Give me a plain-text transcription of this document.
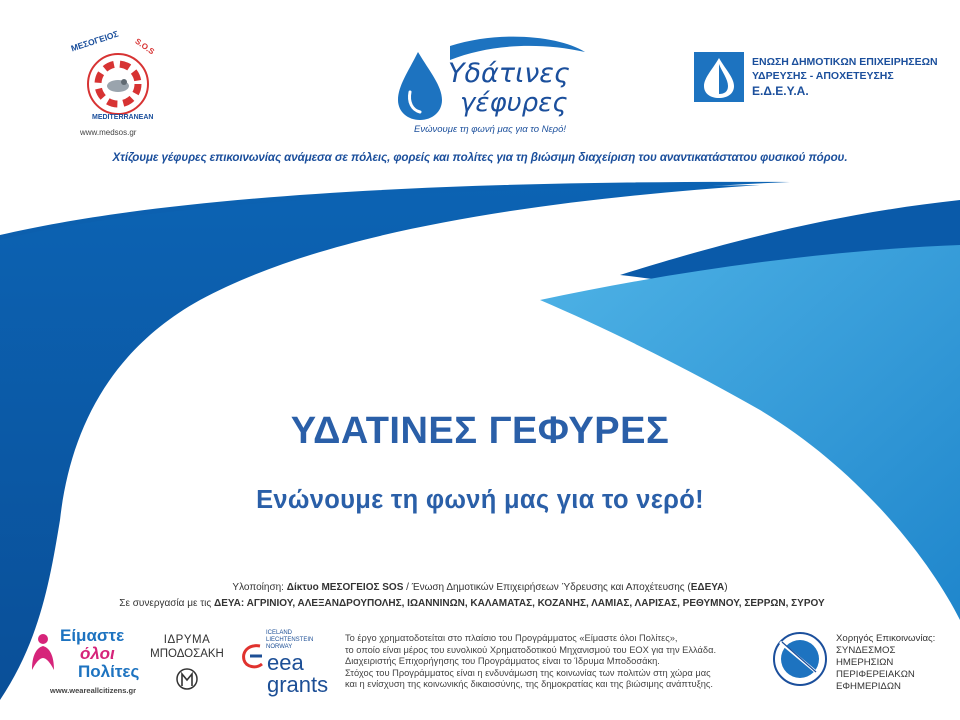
ΜΕΣΟΓΕΙΟΣ S.O.S
MEDITERRANEAN
www.medsos.gr
Υδάτινες
γέφυρες
Ενώνουμε τη φωνή μας για το Νερό!
ΕΝΩΣΗ ΔΗΜΟΤΙΚΩΝ ΕΠΙΧΕΙΡΗΣΕΩΝ
ΥΔΡΕΥΣΗΣ - ΑΠΟΧΕΤΕΥΣΗΣ
Ε.Δ.Ε.Υ.Α.
Χτίζουμε γέφυρες επικοινωνίας ανάμεσα σε πόλεις, φορείς και πολίτες για τη βιώσιμη διαχείριση του αναντικατάστατου φυσικού πόρου.
ΥΔΑΤΙΝΕΣ ΓΕΦΥΡΕΣ
Ενώνουμε τη φωνή μας για το νερό!
Υλοποίηση: Δίκτυο ΜΕΣΟΓΕΙΟΣ SOS / Ένωση Δημοτικών Επιχειρήσεων Ύδρευσης και Αποχέτευσης (ΕΔΕΥΑ)
Σε συνεργασία με τις ΔΕΥΑ: ΑΓΡΙΝΙΟΥ, ΑΛΕΞΑΝΔΡΟΥΠΟΛΗΣ, ΙΩΑΝΝΙΝΩΝ, ΚΑΛΑΜΑΤΑΣ, ΚΟΖΑΝΗΣ, ΛΑΜΙΑΣ, ΛΑΡΙΣΑΣ, ΡΕΘΥΜΝΟΥ, ΣΕΡΡΩΝ, ΣΥΡΟΥ
Είμαστε
όλοι
Πολίτες
www.weareallcitizens.gr
ΙΔΡΥΜΑ
ΜΠΟΔΟΣΑΚΗ
ICELAND
LIECHTENSTEIN
NORWAY
eea
grants
Το έργο χρηματοδοτείται στο πλαίσιο του Προγράμματος «Είμαστε όλοι Πολίτες»,
το οποίο είναι μέρος του ευνολικού Χρηματοδοτικού Μηχανισμού του ΕΟΧ για την Ελλάδα.
Διαχειριστής Επιχορήγησης του Προγράμματος είναι το Ίδρυμα Μποδοσάκη.
Στόχος του Προγράμματος είναι η ενδυνάμωση της κοινωνίας των πολιτών στη χώρα μας
και η ενίσχυση της κοινωνικής δικαιοσύνης, της δημοκρατίας και της βιώσιμης ανάπτυξης.
Χορηγός Επικοινωνίας:
ΣΥΝΔΕΣΜΟΣ
ΗΜΕΡΗΣΙΩΝ
ΠΕΡΙΦΕΡΕΙΑΚΩΝ
ΕΦΗΜΕΡΙΔΩΝ
